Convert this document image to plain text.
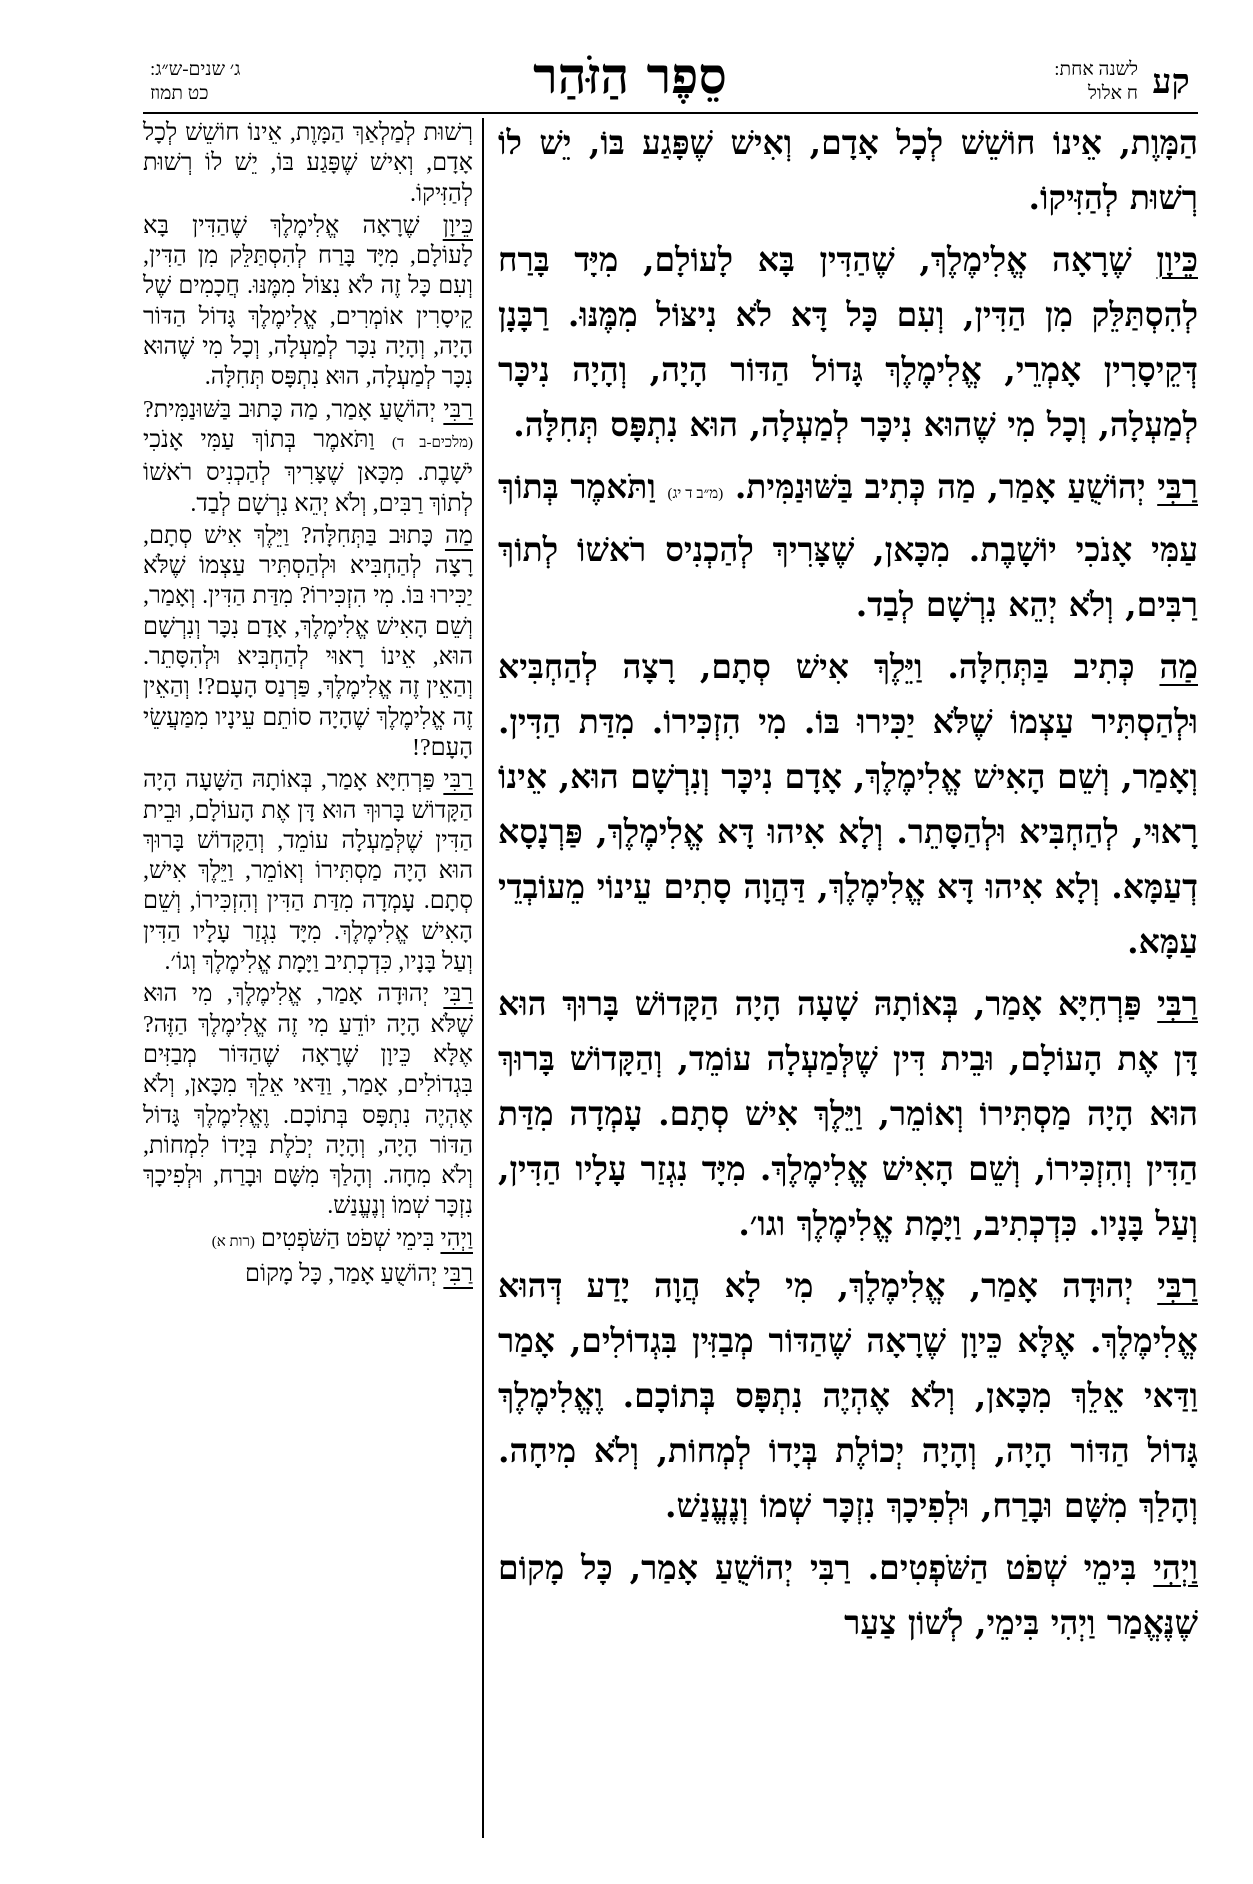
קע
לשנה אחת:
ח אלול
סֵפֶר הַזֹּהַר
ג׳ שנים-ש״ג:
כט תמוז

הַמָּוֶת, אֵינוֹ חוֹשֵׁשׁ לְכָל אָדָם, וְאִישׁ שֶׁפָּגַע בּוֹ, יֵשׁ לוֹ רְשׁוּת לְהַזִּיקוֹ.

כֵּיוָן שֶׁרָאָה אֱלִימֶלֶךְ, שֶׁהַדִּין בָּא לָעוֹלָם, מִיָּד בָּרַח לְהִסְתַּלֵּק מִן הַדִּין, וְעִם כָּל דָּא לֹא נִיצּוֹל מִמֶּנּוּ. רַבָּנָן דְּקֵיסָרִין אָמְרֵי, אֱלִימֶלֶךְ גָּדוֹל הַדּוֹר הָיָה, וְהָיָה נִיכָּר לְמַעְלָה, וְכָל מִי שֶׁהוּא נִיכָּר לְמַעְלָה, הוּא נִתְפָּס תְּחִלָּה.

רַבִּי יְהוֹשֻׁעַ אָמַר, מַה כְּתִיב בַּשּׁוּנַמִּית. (מ״ב ד יג) וַתֹּאמֶר בְּתוֹךְ עַמִּי אָנֹכִי יוֹשָׁבֶת. מִכָּאן, שֶׁצָּרִיךְ לְהַכְנִיס רֹאשׁוֹ לְתוֹךְ רַבִּים, וְלֹא יְהֵא נִרְשָׁם לְבַד.

מַה כְּתִיב בַּתְּחִלָּה. וַיֵּלֶךְ אִישׁ סְתָם, רָצָה לְהַחְבִּיא וּלְהַסְתִּיר עַצְמוֹ שֶׁלֹּא יַכִּירוּ בּוֹ. מִי הִזְכִּירוֹ. מִדַּת הַדִּין. וְאָמַר, וְשֵׁם הָאִישׁ אֱלִימֶלֶךְ, אָדָם נִיכָּר וְנִרְשָׁם הוּא, אֵינוֹ רָאוּי, לְהַחְבִּיא וּלְהַסָּתֵר. וְלָא אִיהוּ דָּא אֱלִימֶלֶךְ, פַּרְנָסָא דְעַמָּא. וְלָא אִיהוּ דָּא אֱלִימֶלֶךְ, דַּהֲוָה סָתִים עֵינוֹי מֵעוֹבְדֵי עַמָּא.

רַבִּי פַּרְחִיָּא אָמַר, בְּאוֹתָהּ שָׁעָה הָיָה הַקָּדוֹשׁ בָּרוּךְ הוּא דָּן אֶת הָעוֹלָם, וּבֵית דִּין שֶׁלְּמַעְלָה עוֹמֵד, וְהַקָּדוֹשׁ בָּרוּךְ הוּא הָיָה מַסְתִּירוֹ וְאוֹמֵר, וַיֵּלֶךְ אִישׁ סְתָם. עָמְדָה מִדַּת הַדִּין וְהִזְכִּירוֹ, וְשֵׁם הָאִישׁ אֱלִימֶלֶךְ. מִיָּד נִגְזַר עָלָיו הַדִּין, וְעַל בָּנָיו. כִּדְכְתִיב, וַיָּמָת אֱלִימֶלֶךְ וגו׳.

רַבִּי יְהוּדָה אָמַר, אֱלִימֶלֶךְ, מִי לָא הֲוָה יָדַע דְּהוּא אֱלִימֶלֶךְ. אֶלָּא כֵּיוָן שֶׁרָאָה שֶׁהַדּוֹר מְבַזִּין בִּגְדוֹלִים, אָמַר וַדַּאי אֵלֵךְ מִכָּאן, וְלֹא אֶהְיֶה נִתְפָּס בְּתוֹכָם. וֶאֱלִימֶלֶךְ גָּדוֹל הַדּוֹר הָיָה, וְהָיָה יְכוֹלֶת בְּיָדוֹ לְמְחוֹת, וְלֹא מִיחָה. וְהָלַךְ מִשָּׁם וּבָרַח, וּלְפִיכָךְ נִזְכָּר שְׁמוֹ וְנֶעֱנַשׁ.

וַיְהִי בִּימֵי שְׁפֹט הַשֹּׁפְטִים. רַבִּי יְהוֹשֻׁעַ אָמַר, כָּל מָקוֹם שֶׁנֶּאֱמַר וַיְהִי בִּימֵי, לְשׁוֹן צַעַר

רְשׁוּת לְמַלְאַךְ הַמָּוֶת, אֵינוֹ חוֹשֵׁשׁ לְכָל אָדָם, וְאִישׁ שֶׁפָּגַע בּוֹ, יֵשׁ לוֹ רְשׁוּת לְהַזִּיקוֹ.

כֵּיוָן שֶׁרָאָה אֱלִימֶלֶךְ שֶׁהַדִּין בָּא לָעוֹלָם, מִיָּד בָּרַח לְהִסְתַּלֵּק מִן הַדִּין, וְעִם כָּל זֶה לֹא נִצּוֹל מִמֶּנּוּ. חֲכָמִים שֶׁל קֵיסָרִין אוֹמְרִים, אֱלִימֶלֶךְ גָּדוֹל הַדּוֹר הָיָה, וְהָיָה נִכָּר לְמַעְלָה, וְכָל מִי שֶׁהוּא נִכָּר לְמַעְלָה, הוּא נִתְפָּס תְּחִלָּה.

רַבִּי יְהוֹשֻׁעַ אָמַר, מַה כָּתוּב בַּשּׁוּנַמִּית? (מלכים-ב ד) וַתֹּאמֶר בְּתוֹךְ עַמִּי אָנֹכִי יֹשָׁבֶת. מִכָּאן שֶׁצָּרִיךְ לְהַכְנִיס רֹאשׁוֹ לְתוֹךְ רַבִּים, וְלֹא יְהֵא נִרְשָׁם לְבַד.

מַה כָּתוּב בַּתְּחִלָּה? וַיֵּלֶךְ אִישׁ סְתָם, רָצָה לְהַחְבִּיא וּלְהַסְתִּיר עַצְמוֹ שֶׁלֹּא יַכִּירוּ בּוֹ. מִי הִזְכִּירוֹ? מִדַּת הַדִּין. וְאָמַר, וְשֵׁם הָאִישׁ אֱלִימֶלֶךְ, אָדָם נִכָּר וְנִרְשָׁם הוּא, אֵינוֹ רָאוּי לְהַחְבִּיא וּלְהִסָּתֵר. וְהַאֵין זֶה אֱלִימֶלֶךְ, פַּרְנַס הָעָם?! וְהַאֵין זֶה אֱלִימֶלֶךְ שֶׁהָיָה סוֹתֵם עֵינָיו מִמַּעֲשֵׂי הָעָם?!

רַבִּי פַּרְחִיָּא אָמַר, בְּאוֹתָהּ הַשָּׁעָה הָיָה הַקָּדוֹשׁ בָּרוּךְ הוּא דָּן אֶת הָעוֹלָם, וּבֵית הַדִּין שֶׁלְּמַעְלָה עוֹמֵד, וְהַקָּדוֹשׁ בָּרוּךְ הוּא הָיָה מַסְתִּירוֹ וְאוֹמֵר, וַיֵּלֶךְ אִישׁ, סְתָם. עָמְדָה מִדַּת הַדִּין וְהִזְכִּירוֹ, וְשֵׁם הָאִישׁ אֱלִימֶלֶךְ. מִיָּד נִגְזַר עָלָיו הַדִּין וְעַל בָּנָיו, כִּדְכְתִיב וַיָּמָת אֱלִימֶלֶךְ וְגוֹ׳.

רַבִּי יְהוּדָה אָמַר, אֱלִימֶלֶךְ, מִי הוּא שֶׁלֹּא הָיָה יוֹדֵעַ מִי זֶה אֱלִימֶלֶךְ הַזֶּה? אֶלָּא כֵּיוָן שֶׁרָאָה שֶׁהַדּוֹר מְבַזִּים בִּגְדוֹלִים, אָמַר, וַדַּאי אֵלֵךְ מִכָּאן, וְלֹא אֶהְיֶה נִתְפָּס בְּתוֹכָם. וֶאֱלִימֶלֶךְ גָּדוֹל הַדּוֹר הָיָה, וְהָיָה יְכֹלֶת בְּיָדוֹ לִמְחוֹת, וְלֹא מִחָה. וְהָלַךְ מִשָּׁם וּבָרַח, וּלְפִיכָךְ נִזְכָּר שְׁמוֹ וְנֶעֱנַשׁ.

וַיְהִי בִּימֵי שְׁפֹט הַשֹּׁפְטִים (רות א)

רַבִּי יְהוֹשֻׁעַ אָמַר, כָּל מָקוֹם
